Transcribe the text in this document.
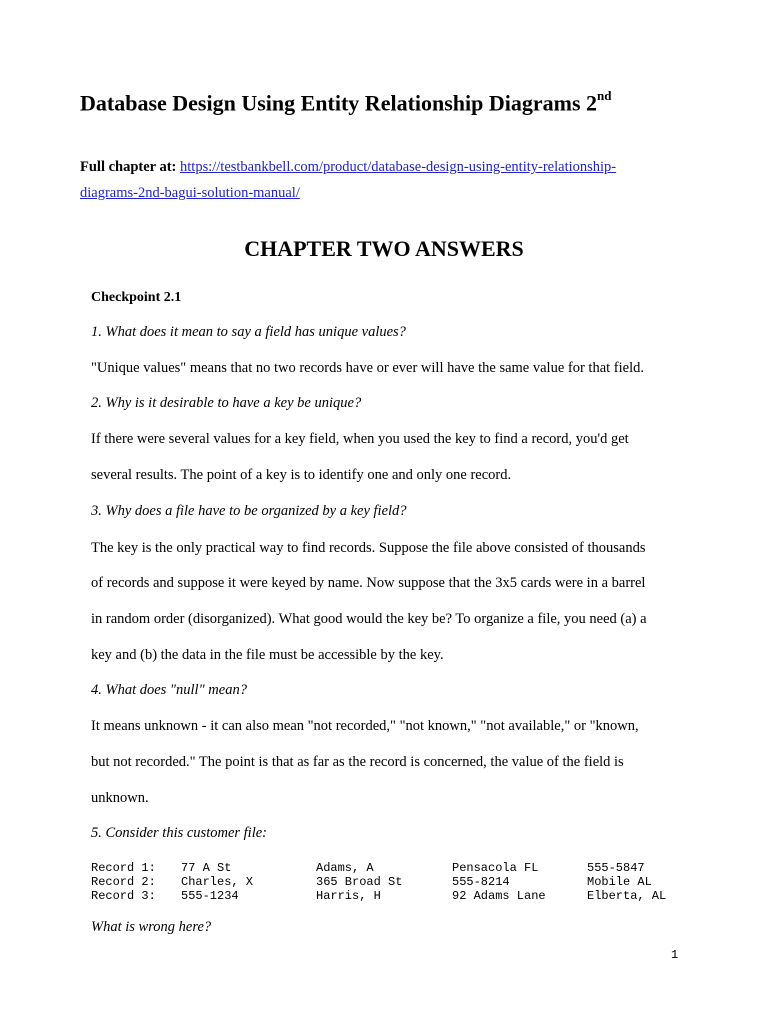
Database Design Using Entity Relationship Diagrams 2nd

Full chapter at: https://testbankbell.com/product/database-design-using-entity-relationship-

diagrams-2nd-bagui-solution-manual/

CHAPTER TWO ANSWERS

Checkpoint 2.1

1. What does it mean to say a field has unique values?

"Unique values" means that no two records have or ever will have the same value for that field.

2. Why is it desirable to have a key be unique?

If there were several values for a key field, when you used the key to find a record, you'd get

several results. The point of a key is to identify one and only one record.

3. Why does a file have to be organized by a key field?

The key is the only practical way to find records. Suppose the file above consisted of thousands

of records and suppose it were keyed by name. Now suppose that the 3x5 cards were in a barrel

in random order (disorganized). What good would the key be? To organize a file, you need (a) a

key and (b) the data in the file must be accessible by the key.

4. What does "null" mean?

It means unknown - it can also mean "not recorded," "not known," "not available," or "known,

but not recorded." The point is that as far as the record is concerned, the value of the field is

unknown.

5. Consider this customer file:

Record 1: 77 A St	Adams, A	Pensacola FL	555-5847
Record 2: Charles, X	365 Broad St	555-8214	Mobile AL
Record 3: 555-1234	Harris, H	92 Adams Lane	Elberta, AL

What is wrong here?

1
